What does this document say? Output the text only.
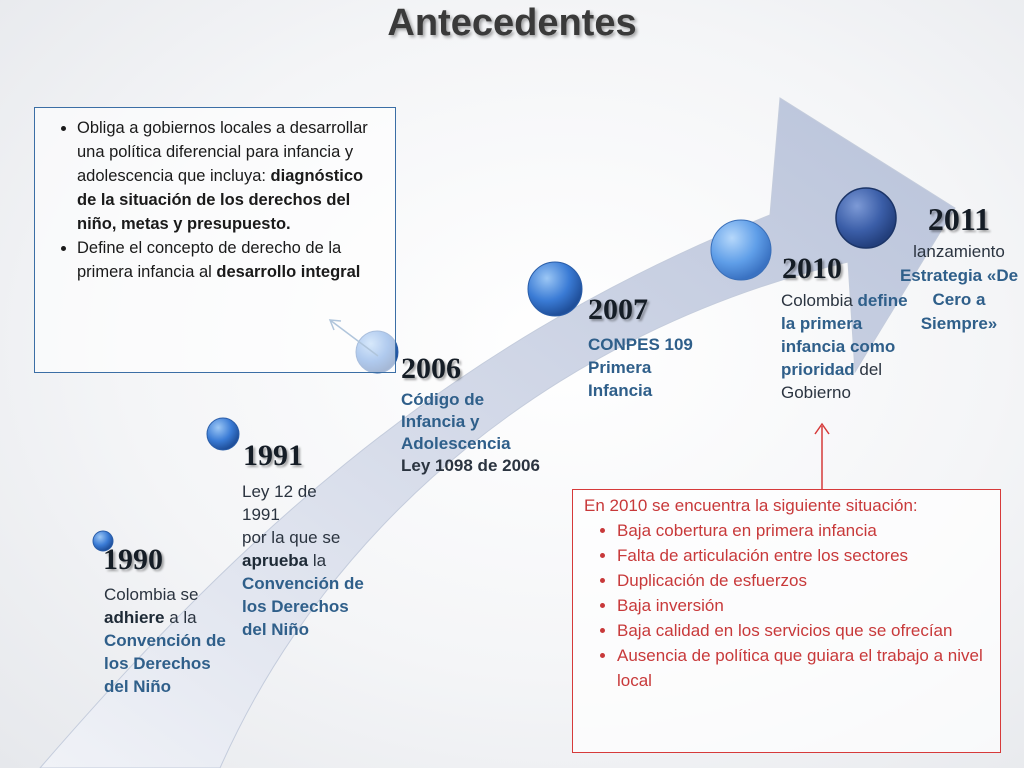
Antecedentes
1990
Colombia se adhiere a la Convención de los Derechos del Niño
1991
Ley 12 de 1991
por la que se aprueba la Convención de los Derechos del Niño
2006
Código de Infancia y Adolescencia
Ley 1098 de 2006
2007
CONPES 109 Primera Infancia
2010
Colombia define la primera infancia como prioridad del Gobierno
2011
lanzamiento Estrategia «De Cero a Siempre»
• Obliga a gobiernos locales a desarrollar una política diferencial para infancia y adolescencia que incluya: diagnóstico de la situación de los derechos del niño, metas y presupuesto.
• Define el concepto de derecho de la primera infancia al desarrollo integral
En 2010 se encuentra la siguiente situación:
• Baja cobertura en primera infancia
• Falta de articulación entre los sectores
• Duplicación de esfuerzos
• Baja inversión
• Baja calidad en los servicios que se ofrecían
• Ausencia de política que guiara el trabajo a nivel local
